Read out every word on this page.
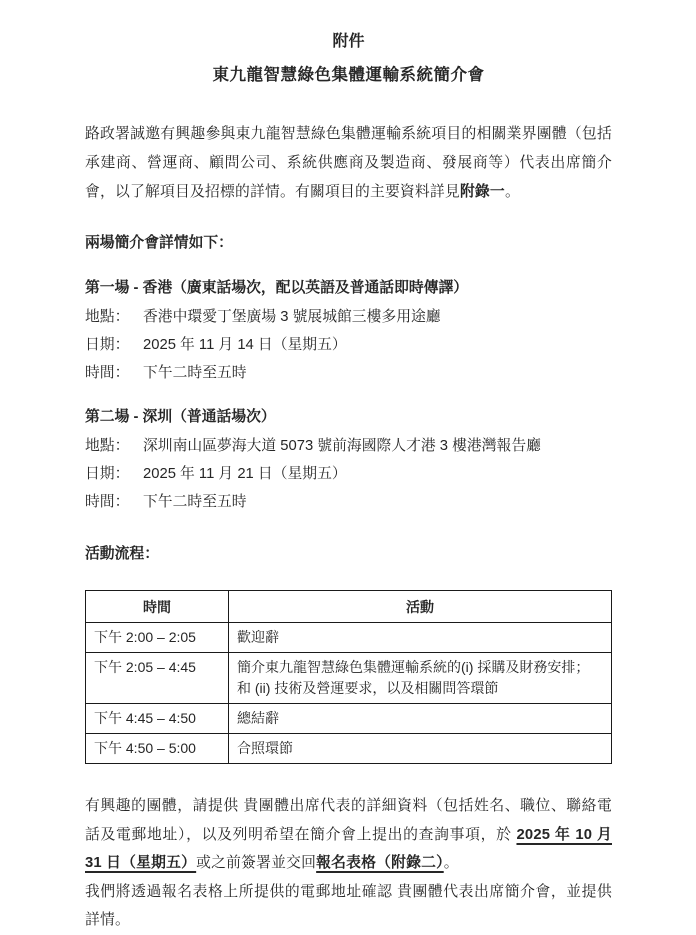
附件
東九龍智慧綠色集體運輸系統簡介會

路政署誠邀有興趣參與東九龍智慧綠色集體運輸系統項目的相關業界團體（包括承建商、營運商、顧問公司、系統供應商及製造商、發展商等）代表出席簡介會，以了解項目及招標的詳情。有關項目的主要資料詳見附錄一。

兩場簡介會詳情如下：
第一場 - 香港（廣東話場次，配以英語及普通話即時傳譯）
地點： 香港中環愛丁堡廣場 3 號展城館三樓多用途廳
日期： 2025 年 11 月 14 日（星期五）
時間： 下午二時至五時
第二場 - 深圳（普通話場次）
地點： 深圳南山區夢海大道 5073 號前海國際人才港 3 樓港灣報告廳
日期： 2025 年 11 月 21 日（星期五）
時間： 下午二時至五時
活動流程：
時間	活動
下午 2:00 – 2:05	歡迎辭
下午 2:05 – 4:45	簡介東九龍智慧綠色集體運輸系統的(i) 採購及財務安排；和 (ii) 技術及營運要求，以及相關問答環節
下午 4:45 – 4:50	總結辭
下午 4:50 – 5:00	合照環節

有興趣的團體，請提供 貴團體出席代表的詳細資料（包括姓名、職位、聯絡電話及電郵地址），以及列明希望在簡介會上提出的查詢事項，於 2025 年 10 月 31 日（星期五）或之前簽署並交回報名表格（附錄二）。

我們將透過報名表格上所提供的電郵地址確認 貴團體代表出席簡介會，並提供詳情。
